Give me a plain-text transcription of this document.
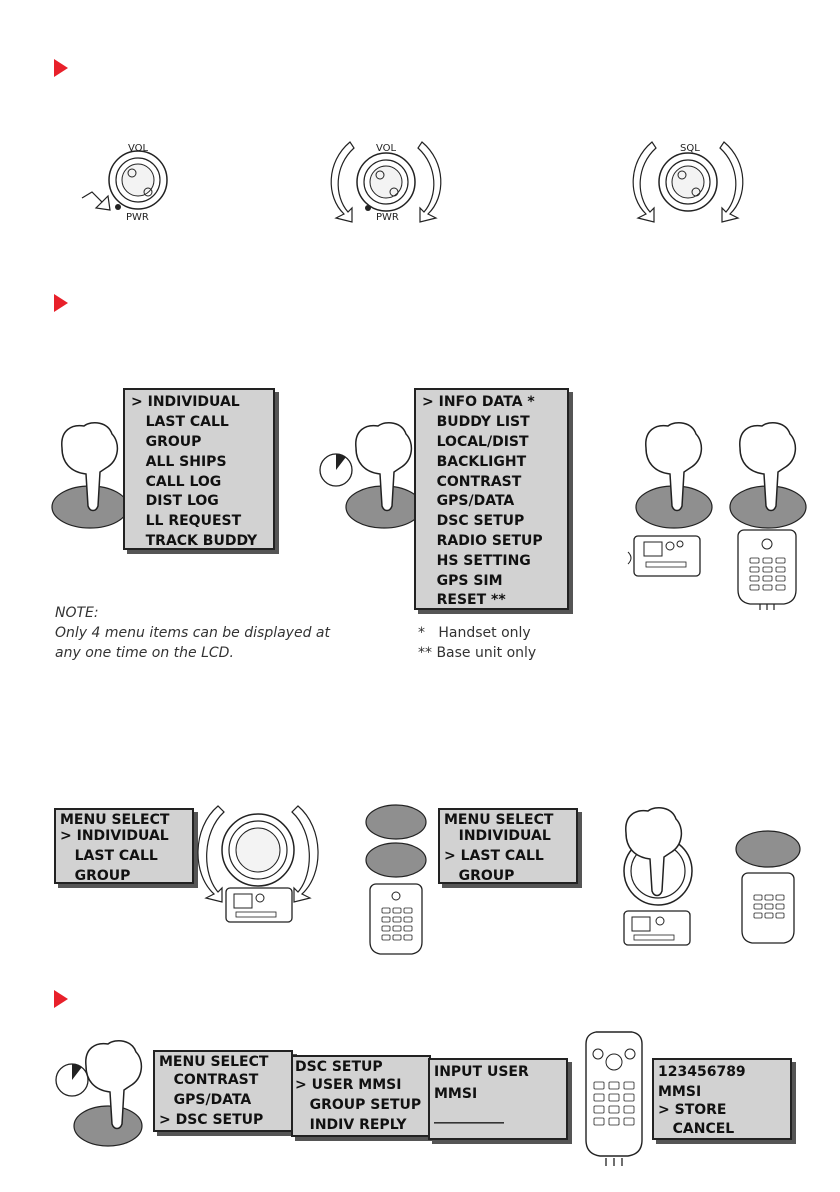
VOL
PWR
VOL
PWR
SQL
> INDIVIDUAL
LAST CALL
GROUP
ALL SHIPS
CALL LOG
DIST LOG
LL REQUEST
TRACK BUDDY
> INFO DATA *
BUDDY LIST
LOCAL/DIST
BACKLIGHT
CONTRAST
GPS/DATA
DSC SETUP
RADIO SETUP
HS SETTING
GPS SIM
RESET **
NOTE:
Only 4 menu items can be displayed at
any one time on the LCD.
*   Handset only
** Base unit only
MENU SELECT
> INDIVIDUAL
LAST CALL
GROUP
MENU SELECT
INDIVIDUAL
> LAST CALL
GROUP
MENU SELECT
CONTRAST
GPS/DATA
> DSC SETUP
DSC SETUP
> USER MMSI
GROUP SETUP
INDIV REPLY
INPUT USER
MMSI
__________
123456789
MMSI
> STORE
CANCEL
